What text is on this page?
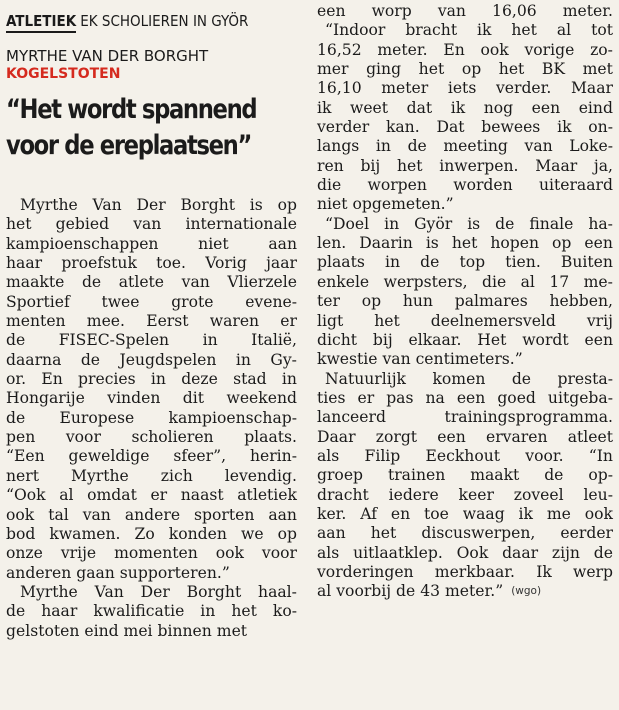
ATLETIEK EK SCHOLIEREN IN GYÖR
MYRTHE VAN DER BORGHT
KOGELSTOTEN
“Het wordt spannend
voor de ereplaatsen”
Myrthe Van Der Borght is op
het gebied van internationale
kampioenschappen	niet	aan
haar proefstuk toe. Vorig jaar
maakte de atlete van Vlierzele
Sportief twee grote evene-
menten mee. Eerst waren er
de FISEC-Spelen in Italië,
daarna de Jeugdspelen in Gy-
or. En precies in deze stad in
Hongarije vinden dit weekend
de Europese kampioenschap-
pen voor scholieren plaats.
“Een geweldige sfeer”, herin-
nert Myrthe zich levendig.
“Ook al omdat er naast atletiek
ook tal van andere sporten aan
bod kwamen. Zo konden we op
onze vrije momenten ook voor
anderen gaan supporteren.”
Myrthe Van Der Borght haal-
de haar kwalificatie in het ko-
gelstoten eind mei binnen met
een worp van 16,06 meter.
“Indoor bracht ik het al tot
16,52 meter. En ook vorige zo-
mer ging het op het BK met
16,10 meter iets verder. Maar
ik weet dat ik nog een eind
verder kan. Dat bewees ik on-
langs in de meeting van Loke-
ren bij het inwerpen. Maar ja,
die worpen worden uiteraard
niet opgemeten.”
“Doel in Györ is de finale ha-
len. Daarin is het hopen op een
plaats in de top tien. Buiten
enkele werpsters, die al 17 me-
ter op hun palmares hebben,
ligt het deelnemersveld vrij
dicht bij elkaar. Het wordt een
kwestie van centimeters.”
Natuurlijk komen de presta-
ties er pas na een goed uitgeba-
lanceerd	trainingsprogramma.
Daar zorgt een ervaren atleet
als Filip Eeckhout voor. “In
groep trainen maakt de op-
dracht iedere keer zoveel leu-
ker. Af en toe waag ik me ook
aan het discuswerpen, eerder
als uitlaatklep. Ook daar zijn de
vorderingen merkbaar. Ik werp
al voorbij de 43 meter.” (wgo)
